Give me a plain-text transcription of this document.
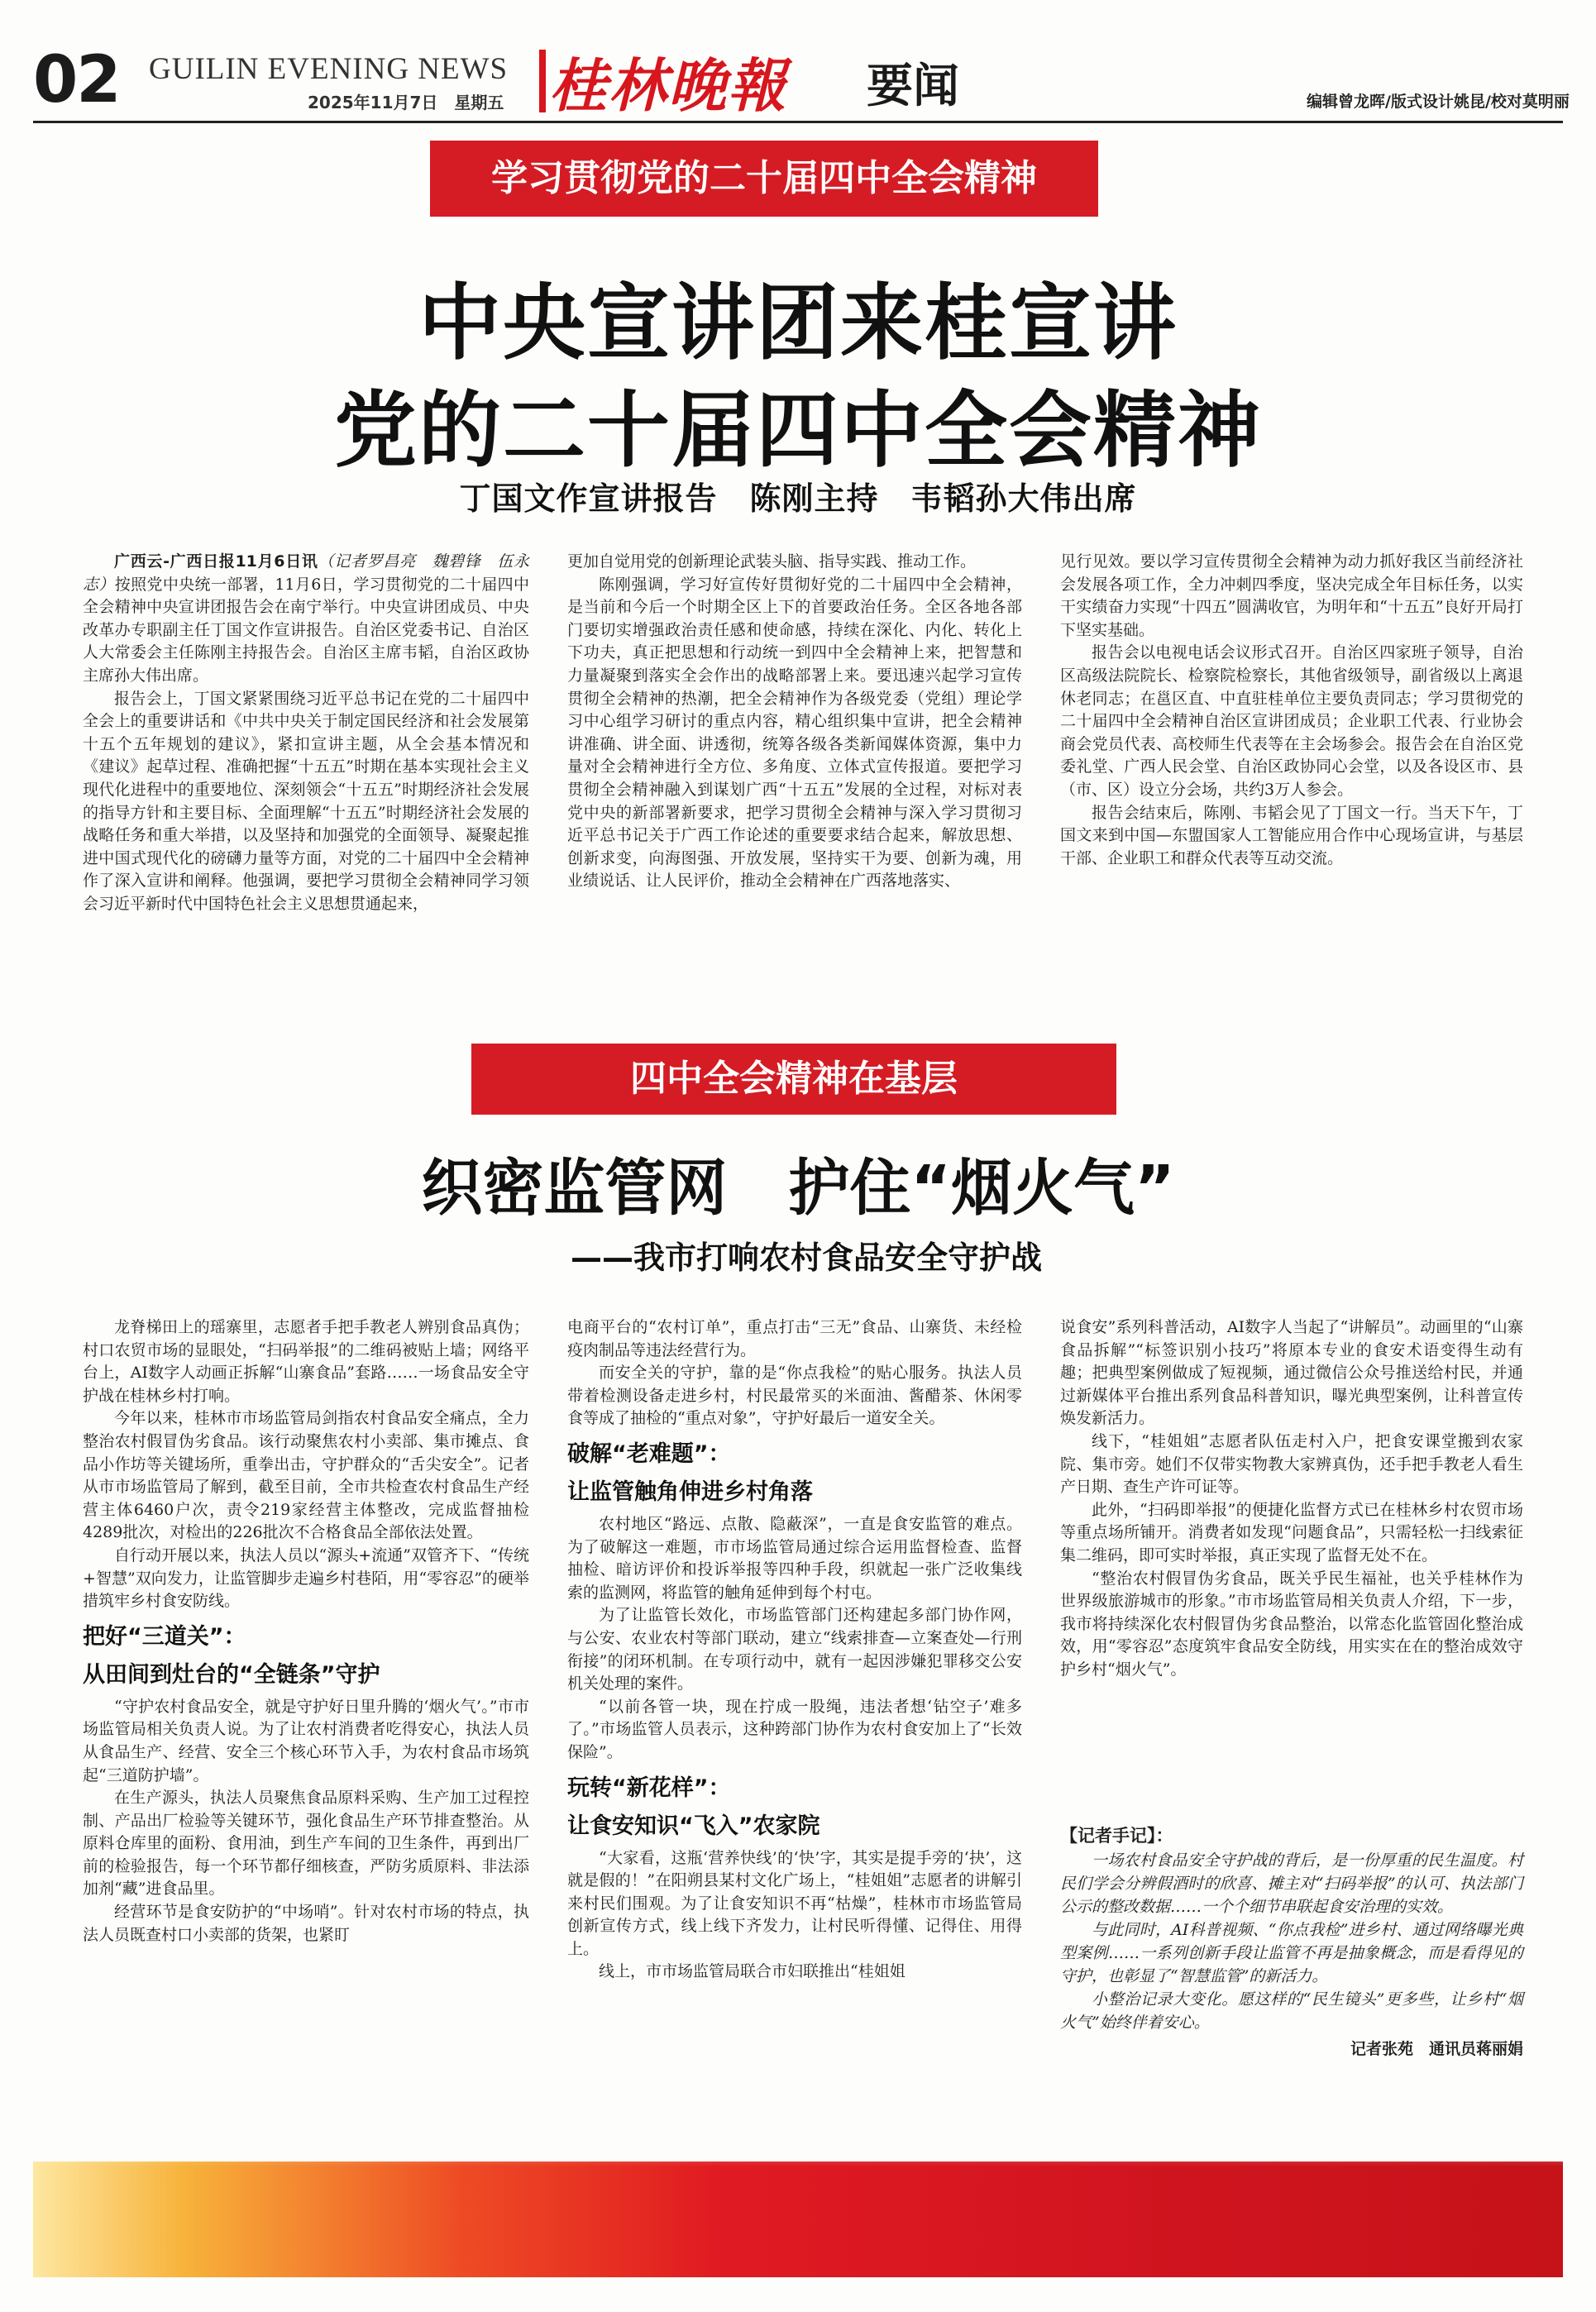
02 GUILIN EVENING NEWS
2025年11月7日　星期五 桂林晚報 要闻	编辑曾龙晖/版式设计姚昆/校对莫明丽
学习贯彻党的二十届四中全会精神
中央宣讲团来桂宣讲
党的二十届四中全会精神
丁国文作宣讲报告　陈刚主持　韦韬孙大伟出席

广西云-广西日报11月6日讯（记者罗昌亮　魏碧锋　伍永志）按照党中央统一部署，11月6日，学习贯彻党的二十届四中全会精神中央宣讲团报告会在南宁举行。中央宣讲团成员、中央改革办专职副主任丁国文作宣讲报告。自治区党委书记、自治区人大常委会主任陈刚主持报告会。自治区主席韦韬，自治区政协主席孙大伟出席。

报告会上，丁国文紧紧围绕习近平总书记在党的二十届四中全会上的重要讲话和《中共中央关于制定国民经济和社会发展第十五个五年规划的建议》，紧扣宣讲主题，从全会基本情况和《建议》起草过程、准确把握“十五五”时期在基本实现社会主义现代化进程中的重要地位、深刻领会“十五五”时期经济社会发展的指导方针和主要目标、全面理解“十五五”时期经济社会发展的战略任务和重大举措，以及坚持和加强党的全面领导、凝聚起推进中国式现代化的磅礴力量等方面，对党的二十届四中全会精神作了深入宣讲和阐释。他强调，要把学习贯彻全会精神同学习领会习近平新时代中国特色社会主义思想贯通起来，

更加自觉用党的创新理论武装头脑、指导实践、推动工作。

陈刚强调，学习好宣传好贯彻好党的二十届四中全会精神，是当前和今后一个时期全区上下的首要政治任务。全区各地各部门要切实增强政治责任感和使命感，持续在深化、内化、转化上下功夫，真正把思想和行动统一到四中全会精神上来，把智慧和力量凝聚到落实全会作出的战略部署上来。要迅速兴起学习宣传贯彻全会精神的热潮，把全会精神作为各级党委（党组）理论学习中心组学习研讨的重点内容，精心组织集中宣讲，把全会精神讲准确、讲全面、讲透彻，统筹各级各类新闻媒体资源，集中力量对全会精神进行全方位、多角度、立体式宣传报道。要把学习贯彻全会精神融入到谋划广西“十五五”发展的全过程，对标对表党中央的新部署新要求，把学习贯彻全会精神与深入学习贯彻习近平总书记关于广西工作论述的重要要求结合起来，解放思想、创新求变，向海图强、开放发展，坚持实干为要、创新为魂，用业绩说话、让人民评价，推动全会精神在广西落地落实、

见行见效。要以学习宣传贯彻全会精神为动力抓好我区当前经济社会发展各项工作，全力冲刺四季度，坚决完成全年目标任务，以实干实绩奋力实现“十四五”圆满收官，为明年和“十五五”良好开局打下坚实基础。

报告会以电视电话会议形式召开。自治区四家班子领导，自治区高级法院院长、检察院检察长，其他省级领导，副省级以上离退休老同志；在邕区直、中直驻桂单位主要负责同志；学习贯彻党的二十届四中全会精神自治区宣讲团成员；企业职工代表、行业协会商会党员代表、高校师生代表等在主会场参会。报告会在自治区党委礼堂、广西人民会堂、自治区政协同心会堂，以及各设区市、县（市、区）设立分会场，共约3万人参会。

报告会结束后，陈刚、韦韬会见了丁国文一行。当天下午，丁国文来到中国—东盟国家人工智能应用合作中心现场宣讲，与基层干部、企业职工和群众代表等互动交流。

四中全会精神在基层
织密监管网　护住“烟火气”
——我市打响农村食品安全守护战

龙脊梯田上的瑶寨里，志愿者手把手教老人辨别食品真伪；村口农贸市场的显眼处，“扫码举报”的二维码被贴上墙；网络平台上，AI数字人动画正拆解“山寨食品”套路……一场食品安全守护战在桂林乡村打响。

今年以来，桂林市市场监管局剑指农村食品安全痛点，全力整治农村假冒伪劣食品。该行动聚焦农村小卖部、集市摊点、食品小作坊等关键场所，重拳出击，守护群众的“舌尖安全”。记者从市市场监管局了解到，截至目前，全市共检查农村食品生产经营主体6460户次，责令219家经营主体整改，完成监督抽检4289批次，对检出的226批次不合格食品全部依法处置。

自行动开展以来，执法人员以“源头+流通”双管齐下、“传统+智慧”双向发力，让监管脚步走遍乡村巷陌，用“零容忍”的硬举措筑牢乡村食安防线。

把好“三道关”：
从田间到灶台的“全链条”守护

“守护农村食品安全，就是守护好日里升腾的‘烟火气’。”市市场监管局相关负责人说。为了让农村消费者吃得安心，执法人员从食品生产、经营、安全三个核心环节入手，为农村食品市场筑起“三道防护墙”。

在生产源头，执法人员聚焦食品原料采购、生产加工过程控制、产品出厂检验等关键环节，强化食品生产环节排查整治。从原料仓库里的面粉、食用油，到生产车间的卫生条件，再到出厂前的检验报告，每一个环节都仔细核查，严防劣质原料、非法添加剂“藏”进食品里。

经营环节是食安防护的“中场哨”。针对农村市场的特点，执法人员既查村口小卖部的货架，也紧盯

电商平台的“农村订单”，重点打击“三无”食品、山寨货、未经检疫肉制品等违法经营行为。

而安全关的守护，靠的是“你点我检”的贴心服务。执法人员带着检测设备走进乡村，村民最常买的米面油、酱醋茶、休闲零食等成了抽检的“重点对象”，守护好最后一道安全关。

破解“老难题”：
让监管触角伸进乡村角落

农村地区“路远、点散、隐蔽深”，一直是食安监管的难点。为了破解这一难题，市市场监管局通过综合运用监督检查、监督抽检、暗访评价和投诉举报等四种手段，织就起一张广泛收集线索的监测网，将监管的触角延伸到每个村屯。

为了让监管长效化，市场监管部门还构建起多部门协作网，与公安、农业农村等部门联动，建立“线索排查—立案查处—行刑衔接”的闭环机制。在专项行动中，就有一起因涉嫌犯罪移交公安机关处理的案件。

“以前各管一块，现在拧成一股绳，违法者想‘钻空子’难多了。”市场监管人员表示，这种跨部门协作为农村食安加上了“长效保险”。

玩转“新花样”：
让食安知识“飞入”农家院

“大家看，这瓶‘营养快线’的‘快’字，其实是提手旁的‘抉’，这就是假的！”在阳朔县某村文化广场上，“桂姐姐”志愿者的讲解引来村民们围观。为了让食安知识不再“枯燥”，桂林市市场监管局创新宣传方式，线上线下齐发力，让村民听得懂、记得住、用得上。

线上，市市场监管局联合市妇联推出“桂姐姐

说食安”系列科普活动，AI数字人当起了“讲解员”。动画里的“山寨食品拆解”“标签识别小技巧”将原本专业的食安术语变得生动有趣；把典型案例做成了短视频，通过微信公众号推送给村民，并通过新媒体平台推出系列食品科普知识，曝光典型案例，让科普宣传焕发新活力。

线下，“桂姐姐”志愿者队伍走村入户，把食安课堂搬到农家院、集市旁。她们不仅带实物教大家辨真伪，还手把手教老人看生产日期、查生产许可证等。

此外，“扫码即举报”的便捷化监督方式已在桂林乡村农贸市场等重点场所铺开。消费者如发现“问题食品”，只需轻松一扫线索征集二维码，即可实时举报，真正实现了监督无处不在。

“整治农村假冒伪劣食品，既关乎民生福祉，也关乎桂林作为世界级旅游城市的形象。”市市场监管局相关负责人介绍，下一步，我市将持续深化农村假冒伪劣食品整治，以常态化监管固化整治成效，用“零容忍”态度筑牢食品安全防线，用实实在在的整治成效守护乡村“烟火气”。

【记者手记】：

一场农村食品安全守护战的背后，是一份厚重的民生温度。村民们学会分辨假酒时的欣喜、摊主对“扫码举报”的认可、执法部门公示的整改数据……一个个细节串联起食安治理的实效。

与此同时，AI科普视频、“你点我检”进乡村、通过网络曝光典型案例……一系列创新手段让监管不再是抽象概念，而是看得见的守护，也彰显了“智慧监管”的新活力。

小整治记录大变化。愿这样的“民生镜头”更多些，让乡村“烟火气”始终伴着安心。

记者张苑　通讯员蒋丽娟
